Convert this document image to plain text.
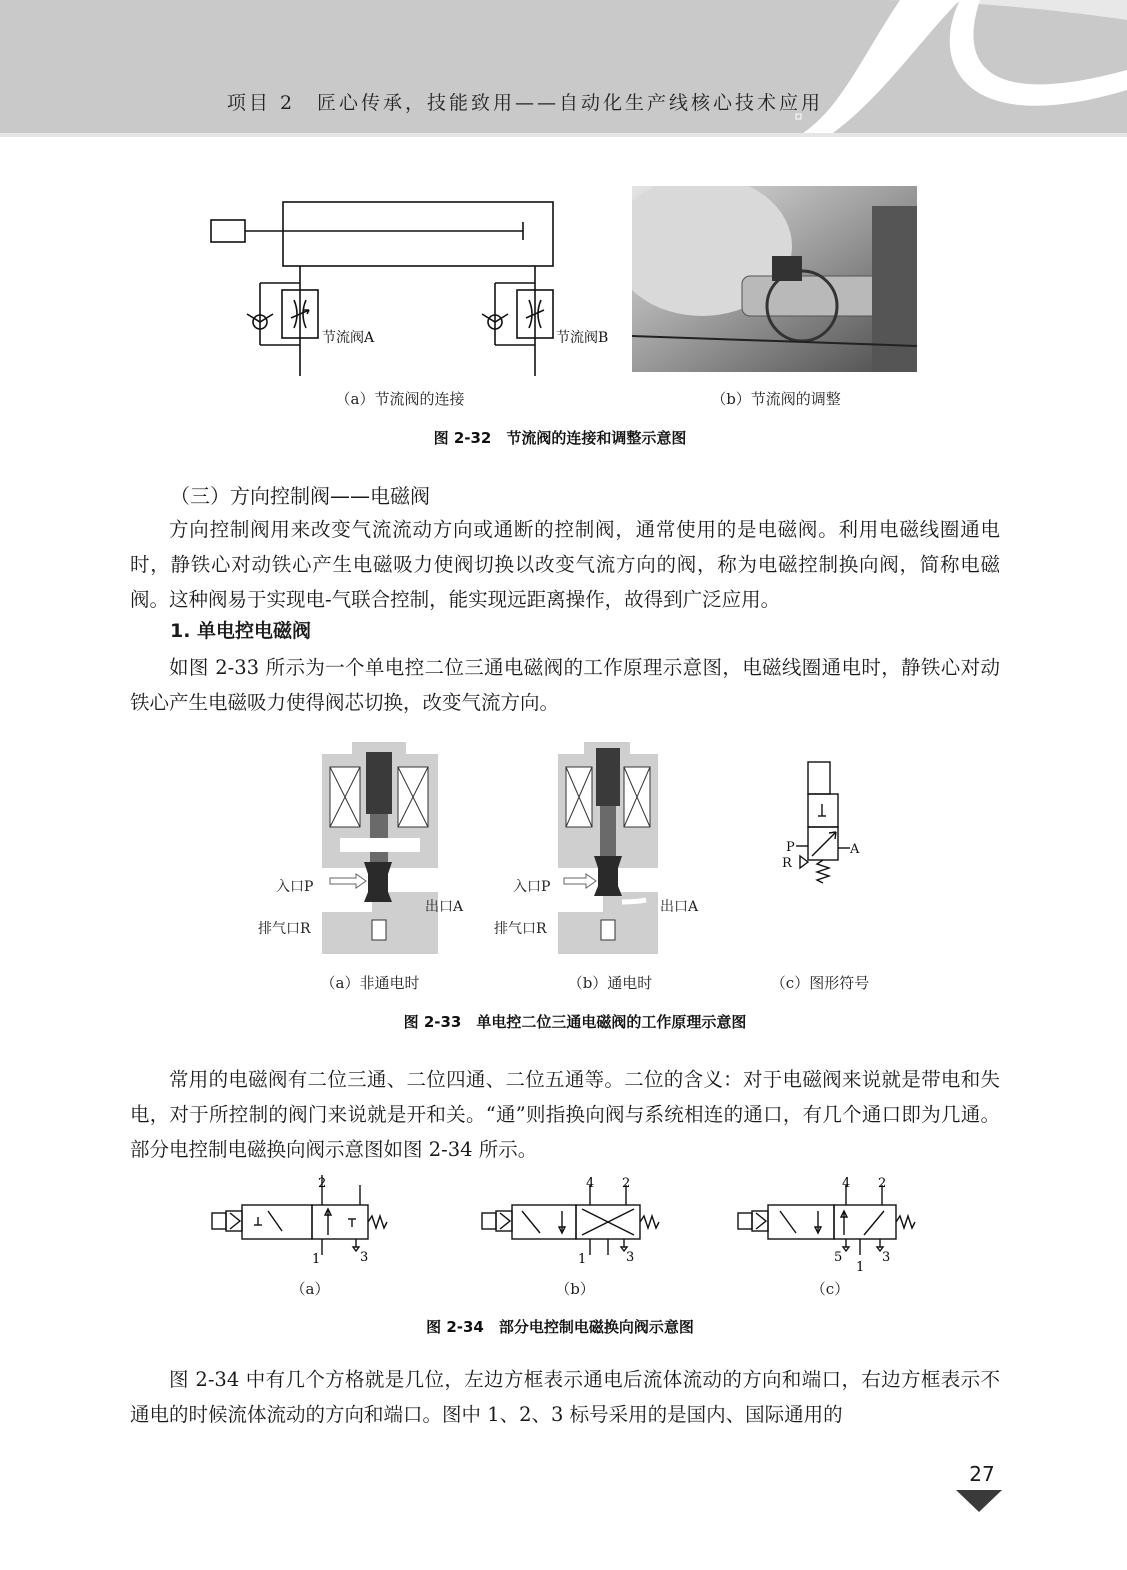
项目 2　匠心传承，技能致用——自动化生产线核心技术应用
节流阀A	节流阀B
（a）节流阀的连接	（b）节流阀的调整
图 2-32　节流阀的连接和调整示意图
（三）方向控制阀——电磁阀
方向控制阀用来改变气流流动方向或通断的控制阀，通常使用的是电磁阀。利用电磁线圈通电时，静铁心对动铁心产生电磁吸力使阀切换以改变气流方向的阀，称为电磁控制换向阀，简称电磁阀。这种阀易于实现电-气联合控制，能实现远距离操作，故得到广泛应用。
1. 单电控电磁阀
如图 2-33 所示为一个单电控二位三通电磁阀的工作原理示意图，电磁线圈通电时，静铁心对动铁心产生电磁吸力使得阀芯切换，改变气流方向。
入口P
排气口R
出口A
入口P
排气口R
出口A
P
R
A
（a）非通电时	（b）通电时	（c）图形符号
图 2-33　单电控二位三通电磁阀的工作原理示意图
常用的电磁阀有二位三通、二位四通、二位五通等。二位的含义：对于电磁阀来说就是带电和失电，对于所控制的阀门来说就是开和关。“通”则指换向阀与系统相连的通口，有几个通口即为几通。部分电控制电磁换向阀示意图如图 2-34 所示。
2
1	3
4 2
1	3
4 2
5
1
3
（a）	（b）	（c）
图 2-34　部分电控制电磁换向阀示意图
图 2-34 中有几个方格就是几位，左边方框表示通电后流体流动的方向和端口，右边方框表示不通电的时候流体流动的方向和端口。图中 1、2、3 标号采用的是国内、国际通用的
27
